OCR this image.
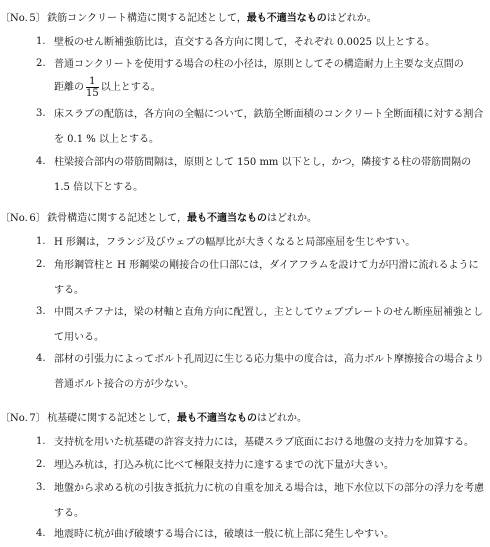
〔No. 5〕 鉄筋コンクリート構造に関する記述として，最も不適当なものはどれか。
1. 壁板のせん断補強筋比は，直交する各方向に関して，それぞれ 0.0025 以上とする。
2. 普通コンクリートを使用する場合の柱の小径は，原則としてその構造耐力上主要な支点間の
距離の $\frac{1}{15}$ 以上とする。
3. 床スラブの配筋は，各方向の全幅について，鉄筋全断面積のコンクリート全断面積に対する割合を 0.1 % 以上とする。
4. 柱梁接合部内の帯筋間隔は，原則として 150 mm 以下とし，かつ，隣接する柱の帯筋間隔の 1.5 倍以下とする。
〔No. 6〕 鉄骨構造に関する記述として，最も不適当なものはどれか。
1. H 形鋼は，フランジ及びウェブの幅厚比が大きくなると局部座屈を生じやすい。
2. 角形鋼管柱と H 形鋼梁の剛接合の仕口部には，ダイアフラムを設けて力が円滑に流れるようにする。
3. 中間スチフナは，梁の材軸と直角方向に配置し，主としてウェブプレートのせん断座屈補強として用いる。
4. 部材の引張力によってボルト孔周辺に生じる応力集中の度合は，高力ボルト摩擦接合の場合より普通ボルト接合の方が少ない。
〔No. 7〕 杭基礎に関する記述として，最も不適当なものはどれか。
1. 支持杭を用いた杭基礎の許容支持力には，基礎スラブ底面における地盤の支持力を加算する。
2. 埋込み杭は，打込み杭に比べて極限支持力に達するまでの沈下量が大きい。
3. 地盤から求める杭の引抜き抵抗力に杭の自重を加える場合は，地下水位以下の部分の浮力を考慮する。
4. 地震時に杭が曲げ破壊する場合には，破壊は一般に杭上部に発生しやすい。
